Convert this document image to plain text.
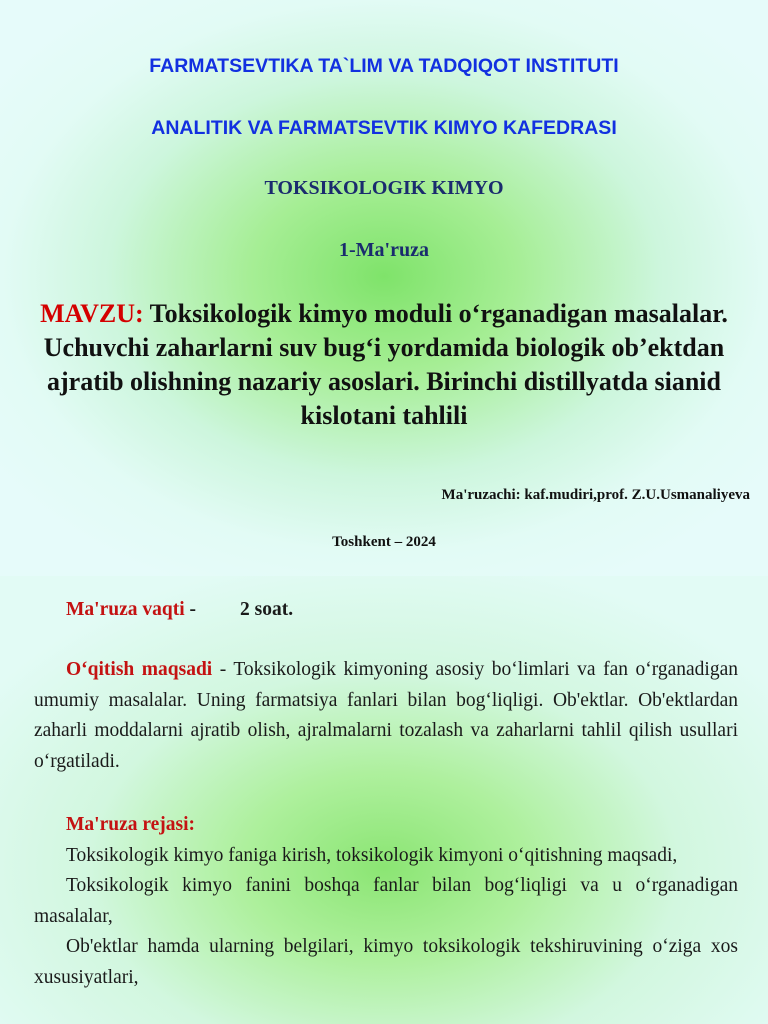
FARMATSEVTIKA TA`LIM VA TADQIQOT INSTITUTI
ANALITIK VA FARMATSEVTIK KIMYO KAFEDRASI
TOKSIKOLOGIK KIMYO
1-Ma'ruza
MAVZU: Toksikologik kimyo moduli o‘rganadigan masalalar. Uchuvchi zaharlarni suv bug‘i yordamida biologik ob’ektdan ajratib olishning nazariy asoslari. Birinchi distillyatda sianid kislotani tahlili
Ma'ruzachi: kaf.mudiri,prof. Z.U.Usmanaliyeva
Toshkent – 2024
Ma'ruza vaqti - 2 soat.
O‘qitish maqsadi - Toksikologik kimyoning asosiy bo‘limlari va fan o‘rganadigan umumiy masalalar. Uning farmatsiya fanlari bilan bog‘liqligi. Ob'ektlar. Ob'ektlardan zaharli moddalarni ajratib olish, ajralmalarni tozalash va zaharlarni tahlil qilish usullari o‘rgatiladi.
Ma'ruza rejasi:
Toksikologik kimyo faniga kirish, toksikologik kimyoni o‘qitishning maqsadi,
Toksikologik kimyo fanini boshqa fanlar bilan bog‘liqligi va u o‘rganadigan masalalar,
Ob'ektlar hamda ularning belgilari, kimyo toksikologik tekshiruvining o‘ziga xos xususiyatlari,
